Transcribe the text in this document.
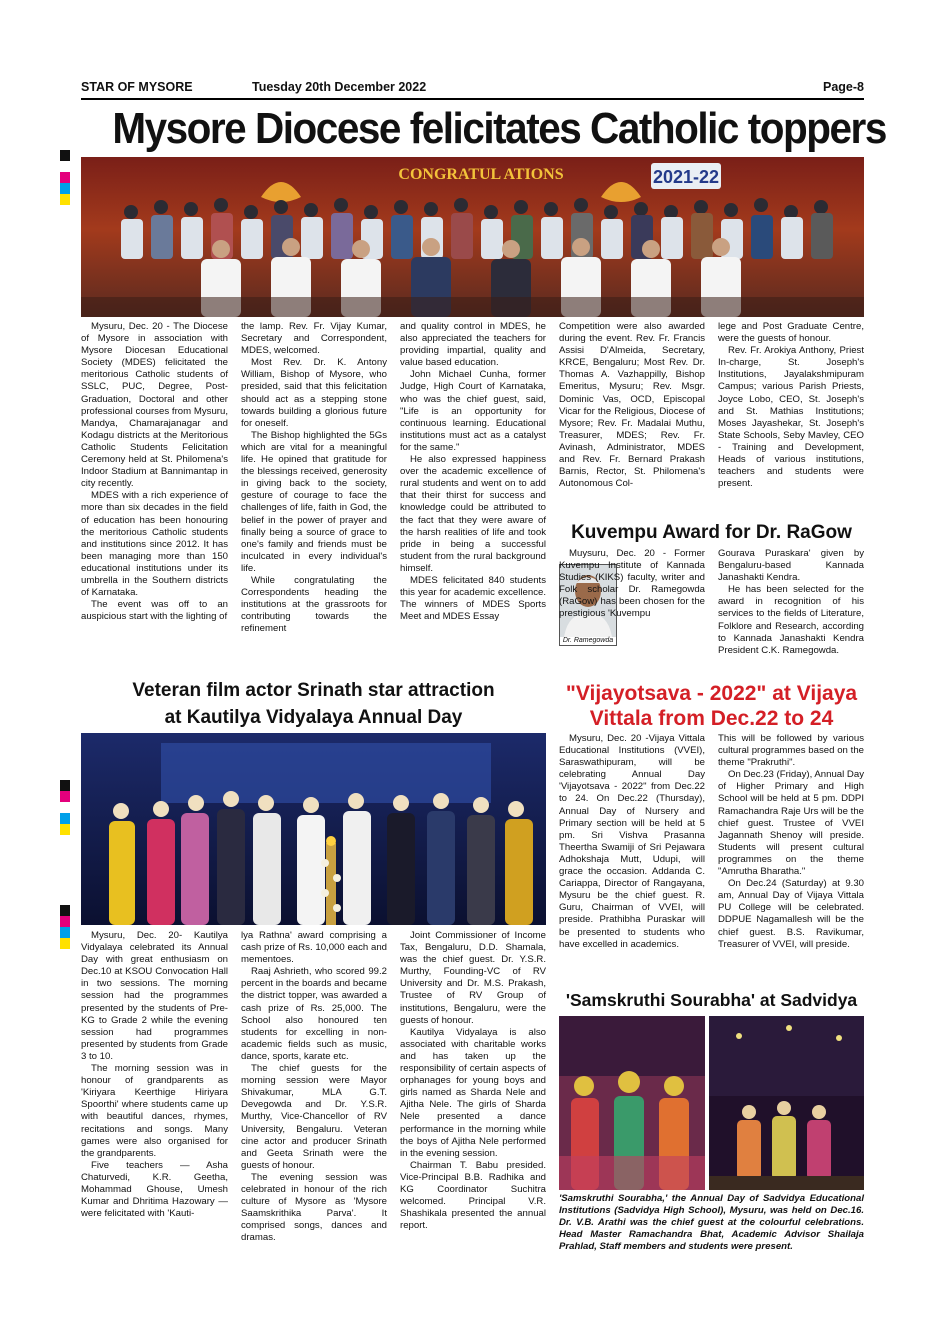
STAR OF MYSORE	Tuesday 20th December 2022	Page-8
Mysore Diocese felicitates Catholic toppers
2021-22
CONGRATUL ATIONS

Mysuru, Dec. 20 - The Diocese of Mysore in association with Mysore Diocesan Educational Society (MDES) felicitated the meritorious Catholic students of SSLC, PUC, Degree, Post-Graduation, Doctoral and other professional courses from Mysuru, Mandya, Chamarajanagar and Kodagu districts at the Meritorious Catholic Students Felicitation Ceremony held at St. Philomena's Indoor Stadium at Bannimantap in city recently.

MDES with a rich experience of more than six decades in the field of education has been honouring the meritorious Catholic students and institutions since 2012. It has been managing more than 150 educational institutions under its umbrella in the Southern districts of Karnataka.

The event was off to an auspicious start with the lighting of

the lamp. Rev. Fr. Vijay Kumar, Secretary and Correspondent, MDES, welcomed.

Most Rev. Dr. K. Antony William, Bishop of Mysore, who presided, said that this felicitation should act as a stepping stone towards building a glorious future for oneself.

The Bishop highlighted the 5Gs which are vital for a meaningful life. He opined that gratitude for the blessings received, generosity in giving back to the society, gesture of courage to face the challenges of life, faith in God, the belief in the power of prayer and finally being a source of grace to one's family and friends must be inculcated in every individual's life.

While congratulating the Correspondents heading the institutions at the grassroots for contributing towards the refinement

and quality control in MDES, he also appreciated the teachers for providing impartial, quality and value based education.

John Michael Cunha, former Judge, High Court of Karnataka, who was the chief guest, said, "Life is an opportunity for continuous learning. Educational institutions must act as a catalyst for the same."

He also expressed happiness over the academic excellence of rural students and went on to add that their thirst for success and knowledge could be attributed to the fact that they were aware of the harsh realities of life and took pride in being a successful student from the rural background himself.

MDES felicitated 840 students this year for academic excellence. The winners of MDES Sports Meet and MDES Essay

Competition were also awarded during the event. Rev. Fr. Francis Assisi D'Almeida, Secretary, KRCE, Bengaluru; Most Rev. Dr. Thomas A. Vazhappilly, Bishop Emeritus, Mysuru; Rev. Msgr. Dominic Vas, OCD, Episcopal Vicar for the Religious, Diocese of Mysore; Rev. Fr. Madalai Muthu, Treasurer, MDES; Rev. Fr. Avinash, Administrator, MDES and Rev. Fr. Bernard Prakash Barnis, Rector, St. Philomena's Autonomous Col-

lege and Post Graduate Centre, were the guests of honour.

Rev. Fr. Arokiya Anthony, Priest In-charge, St. Joseph's Institutions, Jayalakshmipuram Campus; various Parish Priests, Joyce Lobo, CEO, St. Joseph's and St. Mathias Institutions; Moses Jayashekar, St. Joseph's State Schools, Seby Mavley, CEO - Training and Development, Heads of various institutions, teachers and students were present.

Kuvempu Award for Dr. RaGow
Dr. Ramegowda

Muysuru, Dec. 20 - Former Kuvempu Institute of Kannada Studies (KIKS) faculty, writer and Folk scholar Dr. Ramegowda (RaGow) has been chosen for the prestigious 'Kuvempu

Gourava Puraskara' given by Bengaluru-based Kannada Janashakti Kendra.

He has been selected for the award in recognition of his services to the fields of Literature, Folklore and Research, according to Kannada Janashakti Kendra President C.K. Ramegowda.

Veteran film actor Srinath star attraction
at Kautilya Vidyalaya Annual Day

Mysuru, Dec. 20- Kautilya Vidyalaya celebrated its Annual Day with great enthusiasm on Dec.10 at KSOU Convocation Hall in two sessions. The morning session had the programmes presented by the students of Pre-KG to Grade 2 while the evening session had programmes presented by students from Grade 3 to 10.

The morning session was in honour of grandparents as 'Kiriyara Keerthige Hiriyara Spoorthi' where students came up with beautiful dances, rhymes, recitations and songs. Many games were also organised for the grandparents.

Five teachers — Asha Chaturvedi, K.R. Geetha, Mohammad Ghouse, Umesh Kumar and Dhritima Hazowary — were felicitated with 'Kauti-

lya Rathna' award comprising a cash prize of Rs. 10,000 each and mementoes.

Raaj Ashrieth, who scored 99.2 percent in the boards and became the district topper, was awarded a cash prize of Rs. 25,000. The School also honoured ten students for excelling in non-academic fields such as music, dance, sports, karate etc.

The chief guests for the morning session were Mayor Shivakumar, MLA G.T. Devegowda and Dr. Y.S.R. Murthy, Vice-Chancellor of RV University, Bengaluru. Veteran cine actor and producer Srinath and Geeta Srinath were the guests of honour.

The evening session was celebrated in honour of the rich culture of Mysore as 'Mysore Saamskrithika Parva'. It comprised songs, dances and dramas.

Joint Commissioner of Income Tax, Bengaluru, D.D. Shamala, was the chief guest. Dr. Y.S.R. Murthy, Founding-VC of RV University and Dr. M.S. Prakash, Trustee of RV Group of institutions, Bengaluru, were the guests of honour.

Kautilya Vidyalaya is also associated with charitable works and has taken up the responsibility of certain aspects of orphanages for young boys and girls named as Sharda Nele and Ajitha Nele. The girls of Sharda Nele presented a dance performance in the morning while the boys of Ajitha Nele performed in the evening session.

Chairman T. Babu presided. Vice-Principal B.B. Radhika and KG Coordinator Suchitra welcomed. Principal V.R. Shashikala presented the annual report.

"Vijayotsava - 2022" at Vijaya
Vittala from Dec.22 to 24

Mysuru, Dec. 20 -Vijaya Vittala Educational Institutions (VVEI), Saraswathipuram, will be celebrating Annual Day 'Vijayotsava - 2022" from Dec.22 to 24. On Dec.22 (Thursday), Annual Day of Nursery and Primary section will be held at 5 pm. Sri Vishva Prasanna Theertha Swamiji of Sri Pejawara Adhokshaja Mutt, Udupi, will grace the occasion. Addanda C. Cariappa, Director of Rangayana, Mysuru be the chief guest. R. Guru, Chairman of VVEI, will preside. Prathibha Puraskar will be presented to students who have excelled in academics.

This will be followed by various cultural programmes based on the theme "Prakruthi".

On Dec.23 (Friday), Annual Day of Higher Primary and High School will be held at 5 pm. DDPI Ramachandra Raje Urs will be the chief guest. Trustee of VVEI Jagannath Shenoy will preside. Students will present cultural programmes on the theme "Amrutha Bharatha."

On Dec.24 (Saturday) at 9.30 am, Annual Day of Vijaya Vittala PU College will be celebrated. DDPUE Nagamallesh will be the chief guest. B.S. Ravikumar, Treasurer of VVEI, will preside.

'Samskruthi Sourabha' at Sadvidya
'Samskruthi Sourabha,' the Annual Day of Sadvidya Educational Institutions (Sadvidya High School), Mysuru, was held on Dec.16. Dr. V.B. Arathi was the chief guest at the colourful celebrations. Head Master Ramachandra Bhat, Academic Advisor Shailaja Prahlad, Staff members and students were present.
